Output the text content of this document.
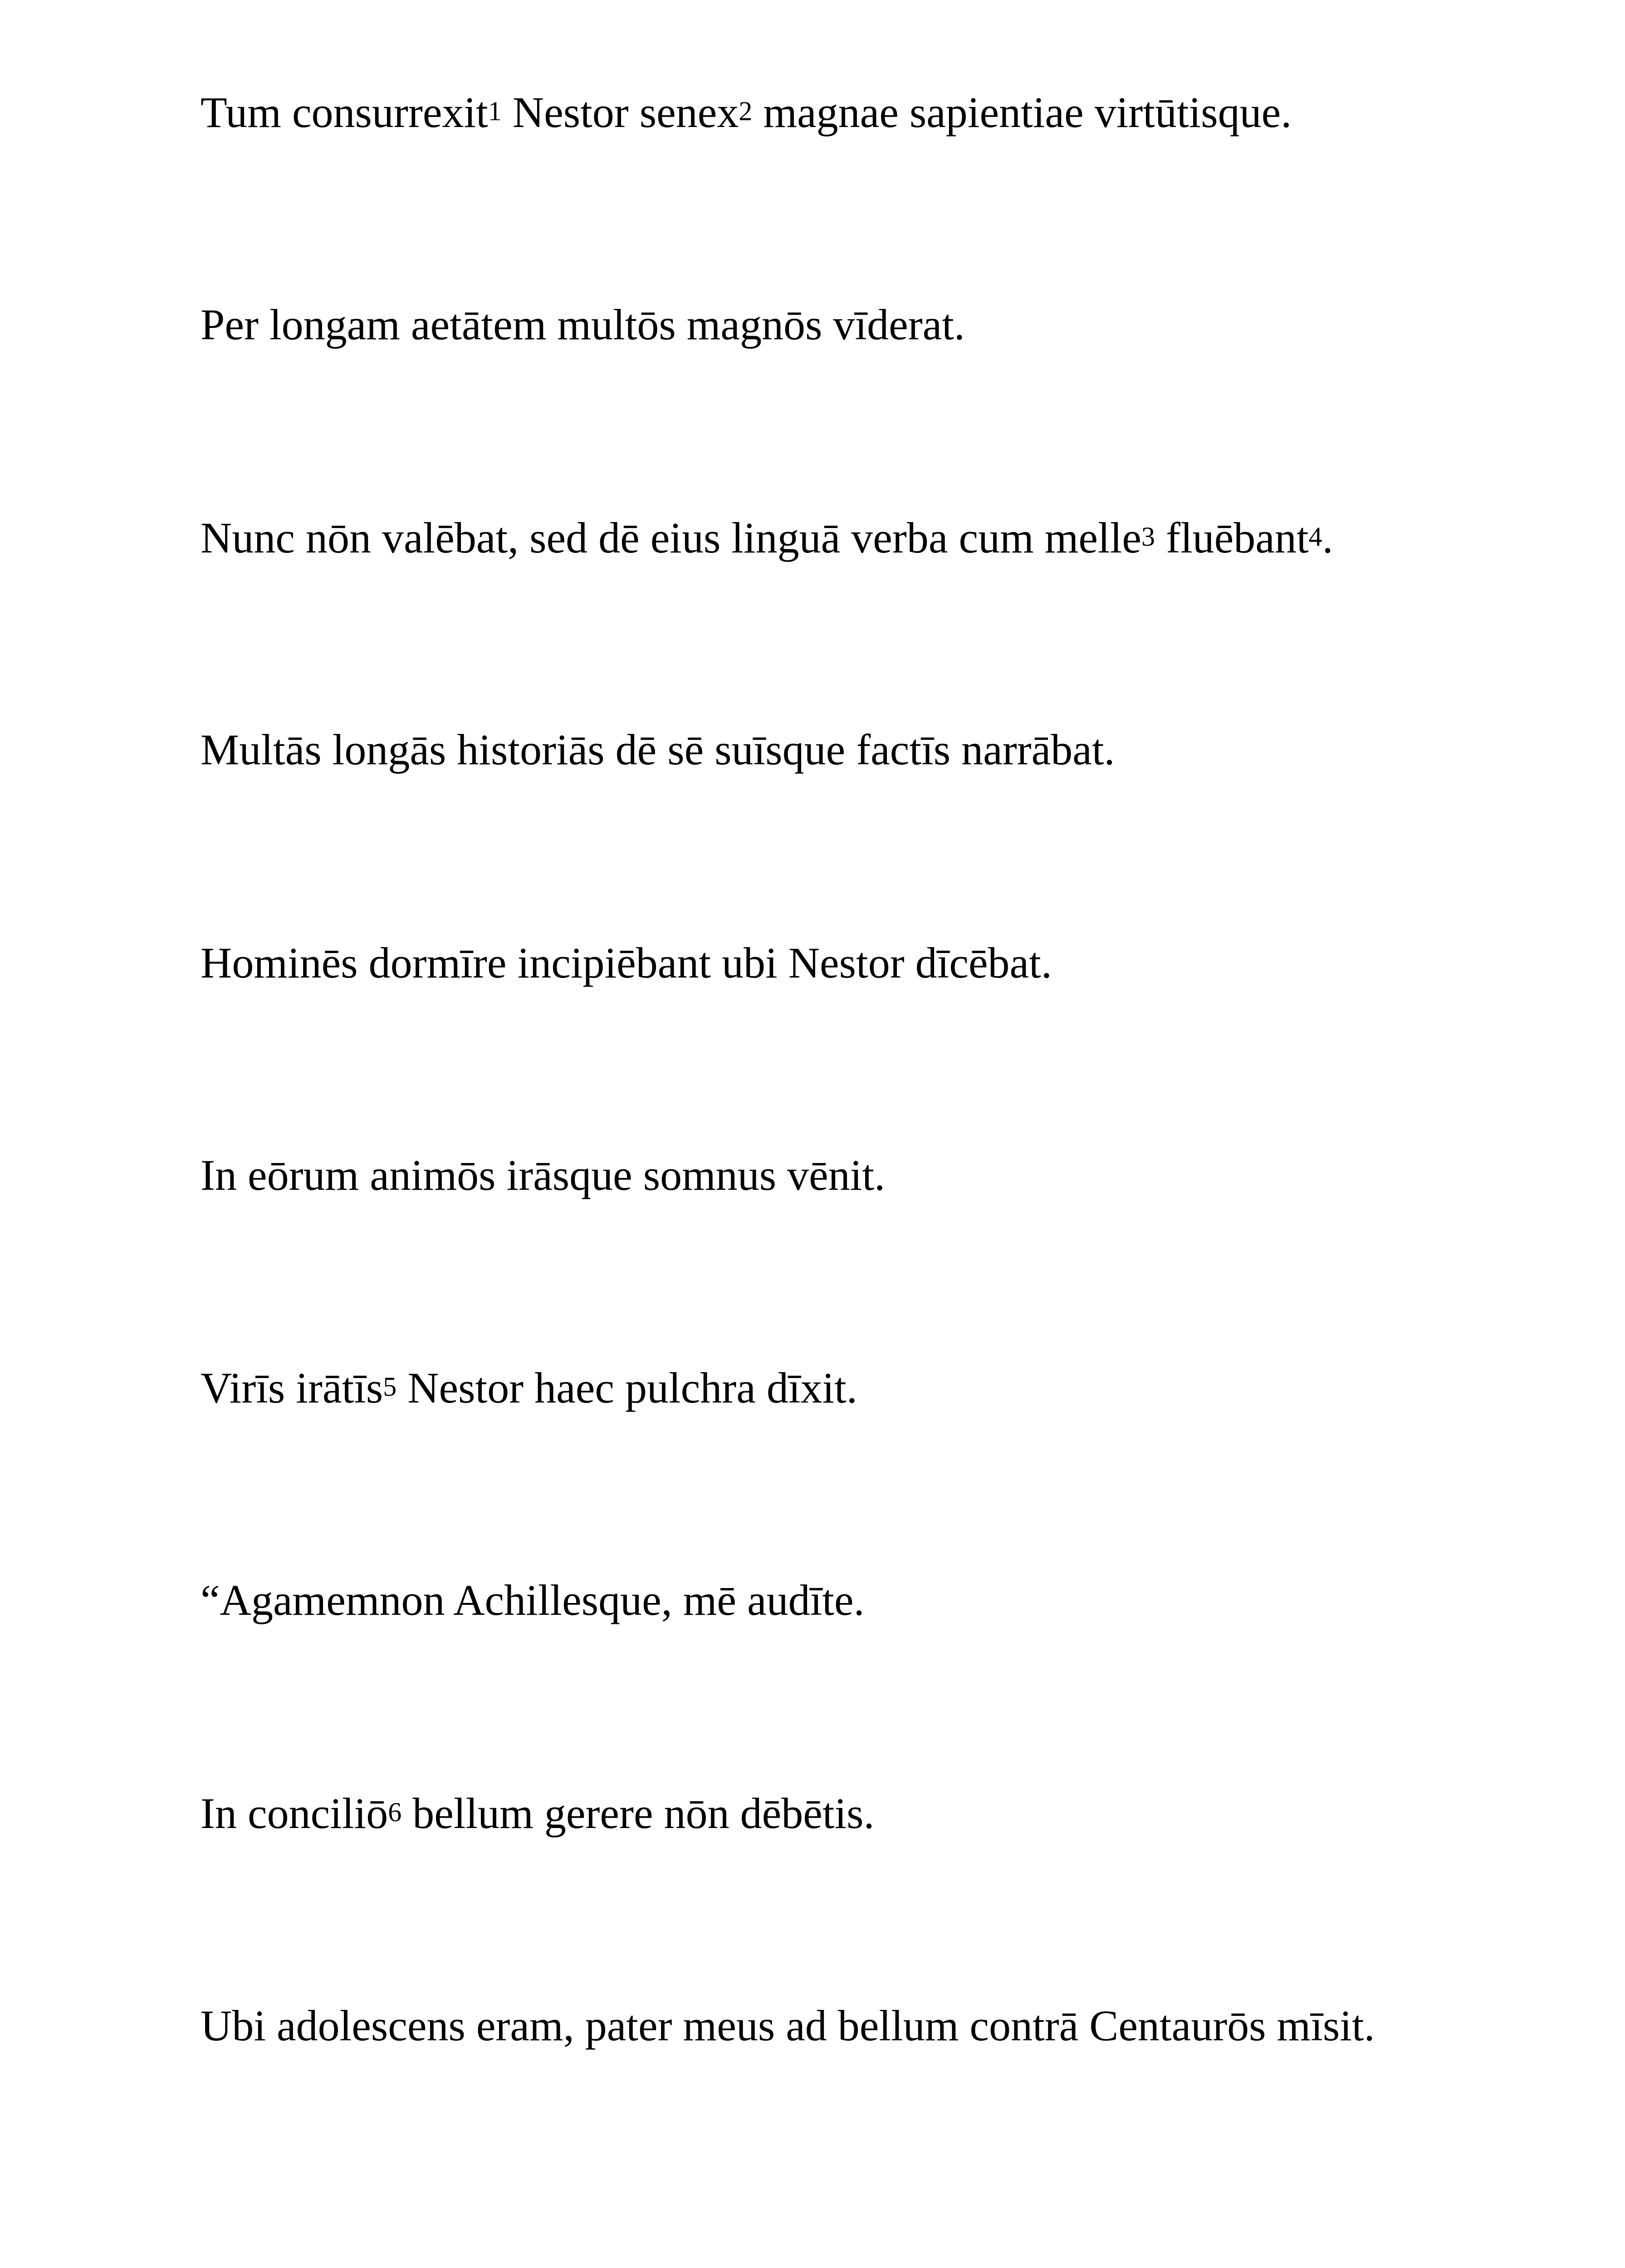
Tum consurrexit$^1$ Nestor senex$^2$ magnae sapientiae virtūtisque.
Per longam aetātem multōs magnōs vīderat.
Nunc nōn valēbat, sed dē eius linguā verba cum melle$^3$ fluēbant$^4$.
Multās longās historiās dē sē suīsque factīs narrābat.
Hominēs dormīre incipiēbant ubi Nestor dīcēbat.
In eōrum animōs irāsque somnus vēnit.
Virīs irātīs$^5$ Nestor haec pulchra dīxit.
“Agamemnon Achillesque, mē audīte.
In conciliō$^6$ bellum gerere nōn dēbētis.
Ubi adolescens eram, pater meus ad bellum contrā Centaurōs mīsit.
